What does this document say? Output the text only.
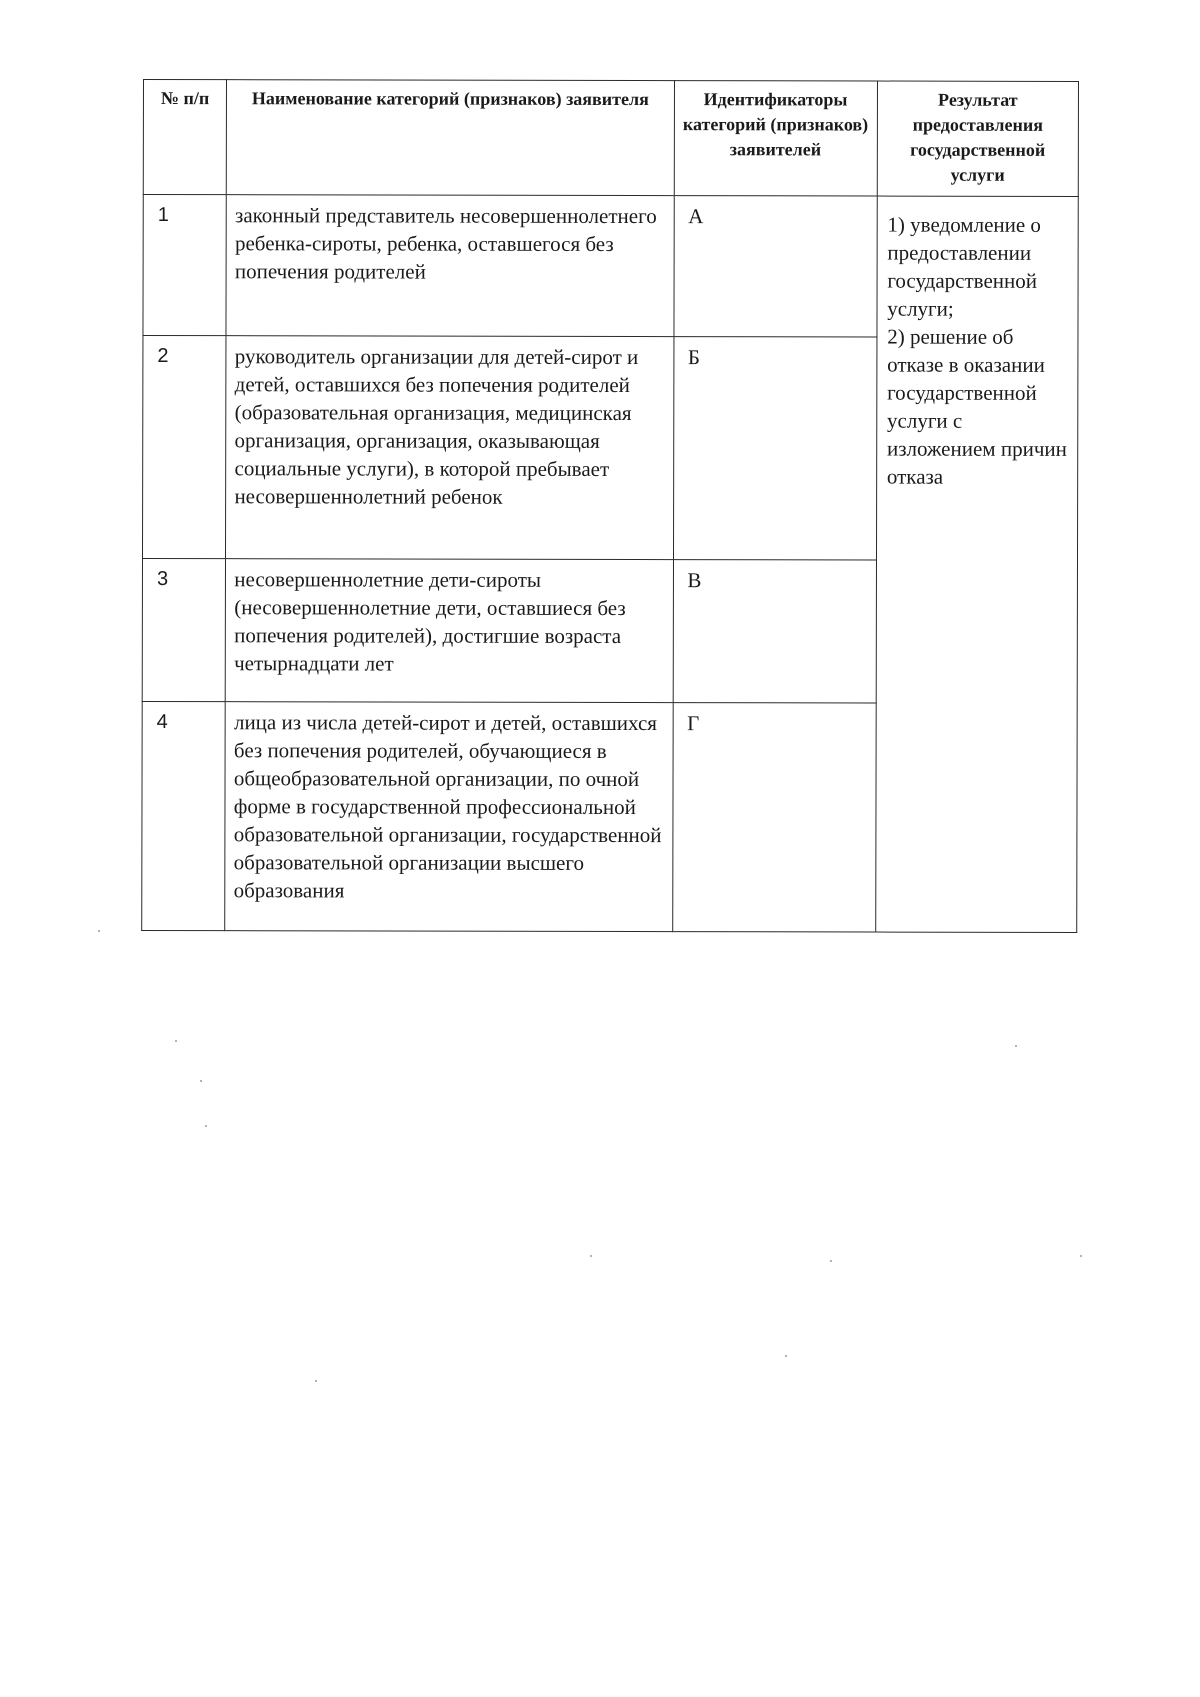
№ п/п	Наименование категорий (признаков) заявителя	Идентификаторы категорий (признаков) заявителей	Результат предоставления государственной услуги
1	законный представитель несовершеннолетнего ребенка-сироты, ребенка, оставшегося без попечения родителей	А	1) уведомление о предоставлении государственной услуги;
2) решение об отказе в оказании государственной услуги с изложением причин отказа

2	руководитель организации для детей-сирот и детей, оставшихся без попечения родителей (образовательная организация, медицинская организация, организация, оказывающая социальные услуги), в которой пребывает несовершеннолетний ребенок	Б	
3	несовершеннолетние дети-сироты (несовершеннолетние дети, оставшиеся без попечения родителей), достигшие возраста четырнадцати лет	В	
4	лица из числа детей-сирот и детей, оставшихся без попечения родителей, обучающиеся в общеобразовательной организации, по очной форме в государственной профессиональной образовательной организации, государственной образовательной организации высшего образования	Г	
